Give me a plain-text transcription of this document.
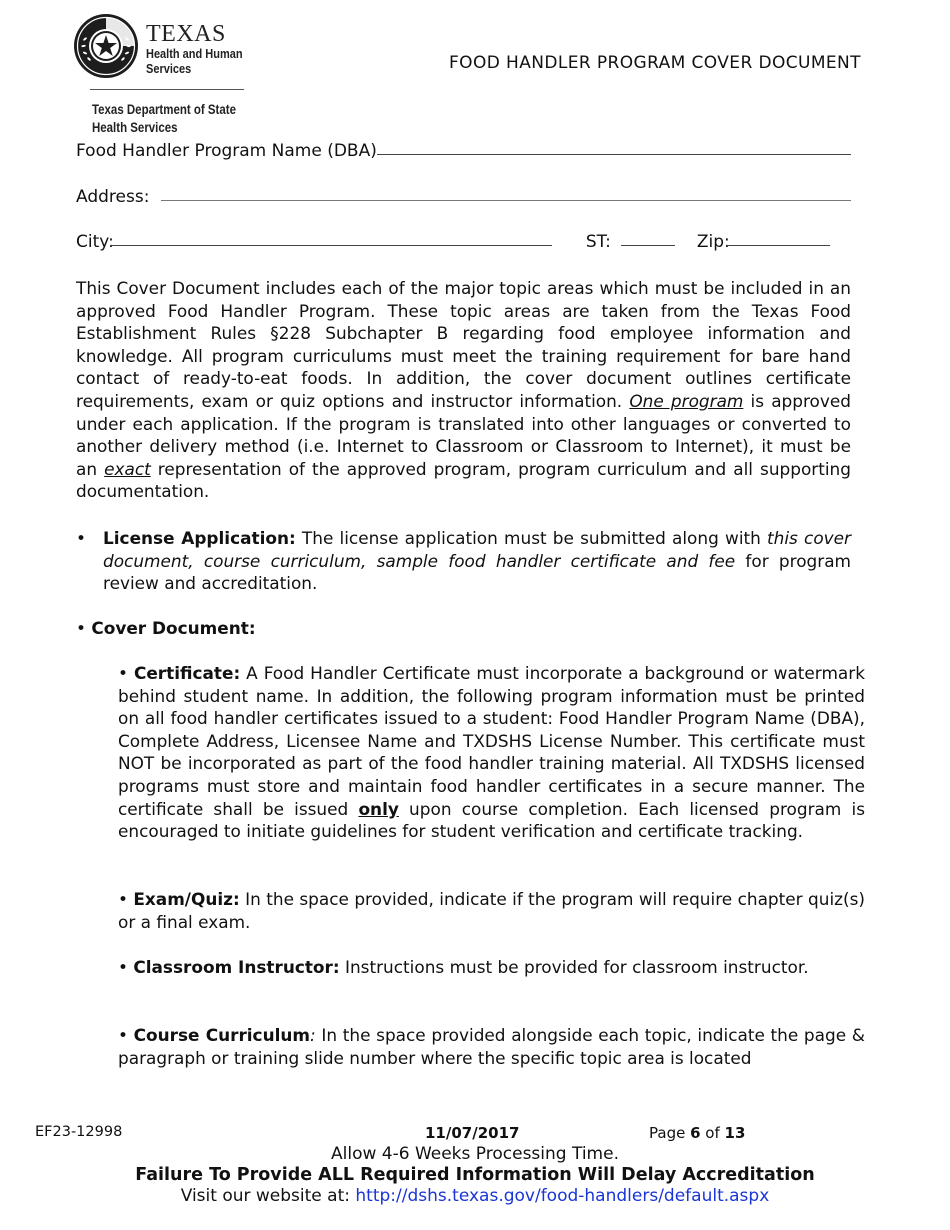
TEXAS
Health and Human
Services
Texas Department of State
Health Services
FOOD HANDLER PROGRAM COVER DOCUMENT
Food Handler Program Name (DBA)
Address:
City:	ST:	Zip:
This Cover Document includes each of the major topic areas which must be included in an approved Food Handler Program. These topic areas are taken from the Texas Food Establishment Rules §228 Subchapter B regarding food employee information and knowledge. All program curriculums must meet the training requirement for bare hand contact of ready-to-eat foods. In addition, the cover document outlines certificate requirements, exam or quiz options and instructor information. One program is approved under each application. If the program is translated into other languages or converted to another delivery method (i.e. Internet to Classroom or Classroom to Internet), it must be an exact representation of the approved program, program curriculum and all supporting documentation.
• License Application: The license application must be submitted along with this cover document, course curriculum, sample food handler certificate and fee for program review and accreditation.
• Cover Document:
• Certificate: A Food Handler Certificate must incorporate a background or watermark behind student name. In addition, the following program information must be printed on all food handler certificates issued to a student: Food Handler Program Name (DBA), Complete Address, Licensee Name and TXDSHS License Number. This certificate must NOT be incorporated as part of the food handler training material. All TXDSHS licensed programs must store and maintain food handler certificates in a secure manner. The certificate shall be issued only upon course completion. Each licensed program is encouraged to initiate guidelines for student verification and certificate tracking.
• Exam/Quiz: In the space provided, indicate if the program will require chapter quiz(s) or a final exam.
• Classroom Instructor: Instructions must be provided for classroom instructor.
• Course Curriculum: In the space provided alongside each topic, indicate the page & paragraph or training slide number where the specific topic area is located
EF23-12998	11/07/2017	Page 6 of 13
Allow 4-6 Weeks Processing Time.
Failure To Provide ALL Required Information Will Delay Accreditation
Visit our website at: http://dshs.texas.gov/food-handlers/default.aspx
